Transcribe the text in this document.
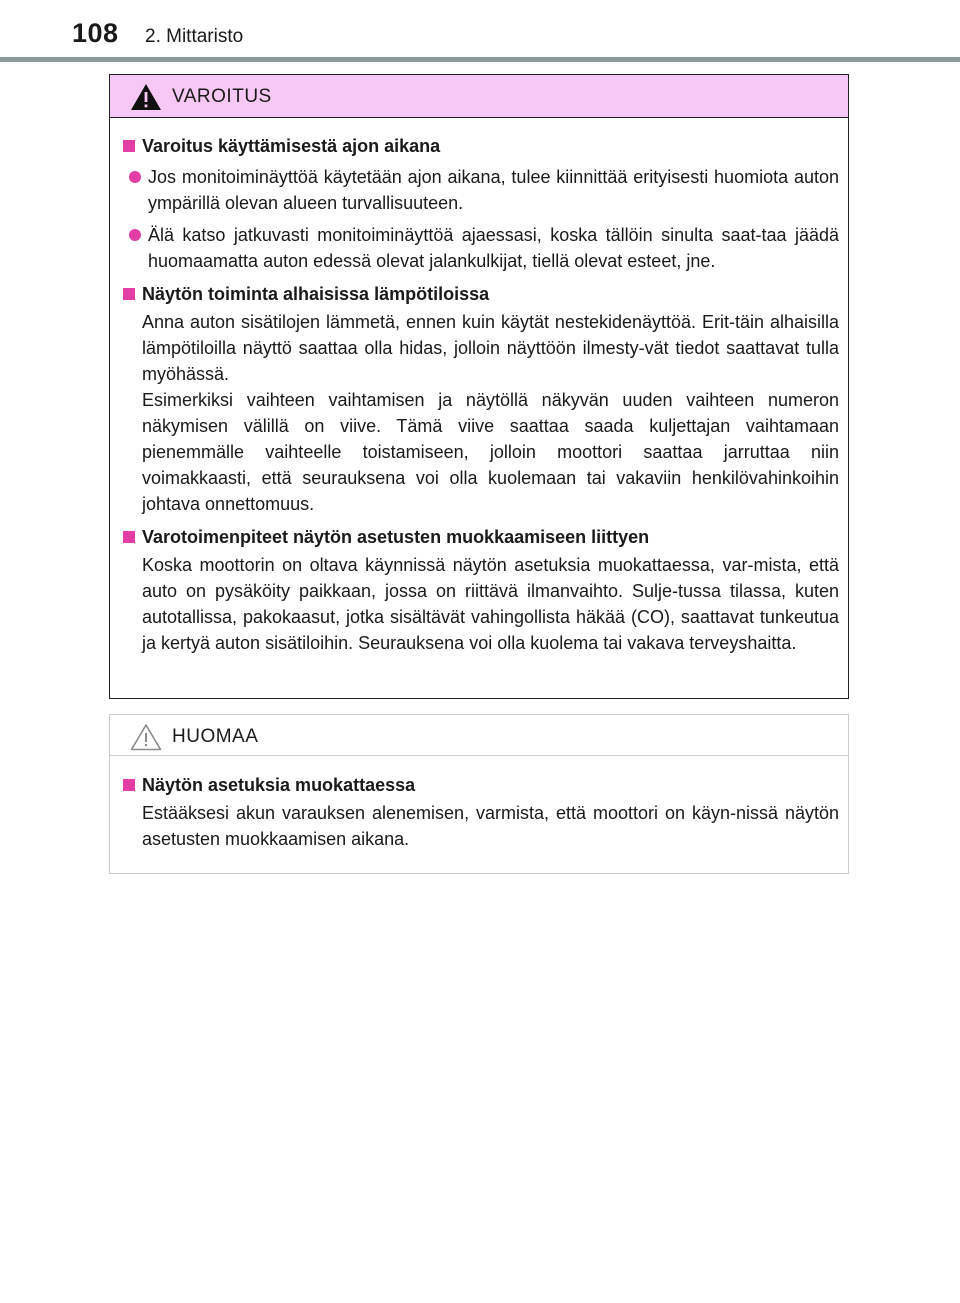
108 2. Mittaristo
VAROITUS
Varoitus käyttämisestä ajon aikana
Jos monitoiminäyttöä käytetään ajon aikana, tulee kiinnittää erityisesti huomiota auton ympärillä olevan alueen turvallisuuteen.
Älä katso jatkuvasti monitoiminäyttöä ajaessasi, koska tällöin sinulta saat-taa jäädä huomaamatta auton edessä olevat jalankulkijat, tiellä olevat esteet, jne.
Näytön toiminta alhaisissa lämpötiloissa
Anna auton sisätilojen lämmetä, ennen kuin käytät nestekidenäyttöä. Erit-täin alhaisilla lämpötiloilla näyttö saattaa olla hidas, jolloin näyttöön ilmesty-vät tiedot saattavat tulla myöhässä.
Esimerkiksi vaihteen vaihtamisen ja näytöllä näkyvän uuden vaihteen numeron näkymisen välillä on viive. Tämä viive saattaa saada kuljettajan vaihtamaan pienemmälle vaihteelle toistamiseen, jolloin moottori saattaa jarruttaa niin voimakkaasti, että seurauksena voi olla kuolemaan tai vakaviin henkilövahinkoihin johtava onnettomuus.
Varotoimenpiteet näytön asetusten muokkaamiseen liittyen
Koska moottorin on oltava käynnissä näytön asetuksia muokattaessa, var-mista, että auto on pysäköity paikkaan, jossa on riittävä ilmanvaihto. Sulje-tussa tilassa, kuten autotallissa, pakokaasut, jotka sisältävät vahingollista häkää (CO), saattavat tunkeutua ja kertyä auton sisätiloihin. Seurauksena voi olla kuolema tai vakava terveyshaitta.
HUOMAA
Näytön asetuksia muokattaessa
Estääksesi akun varauksen alenemisen, varmista, että moottori on käyn-nissä näytön asetusten muokkaamisen aikana.
